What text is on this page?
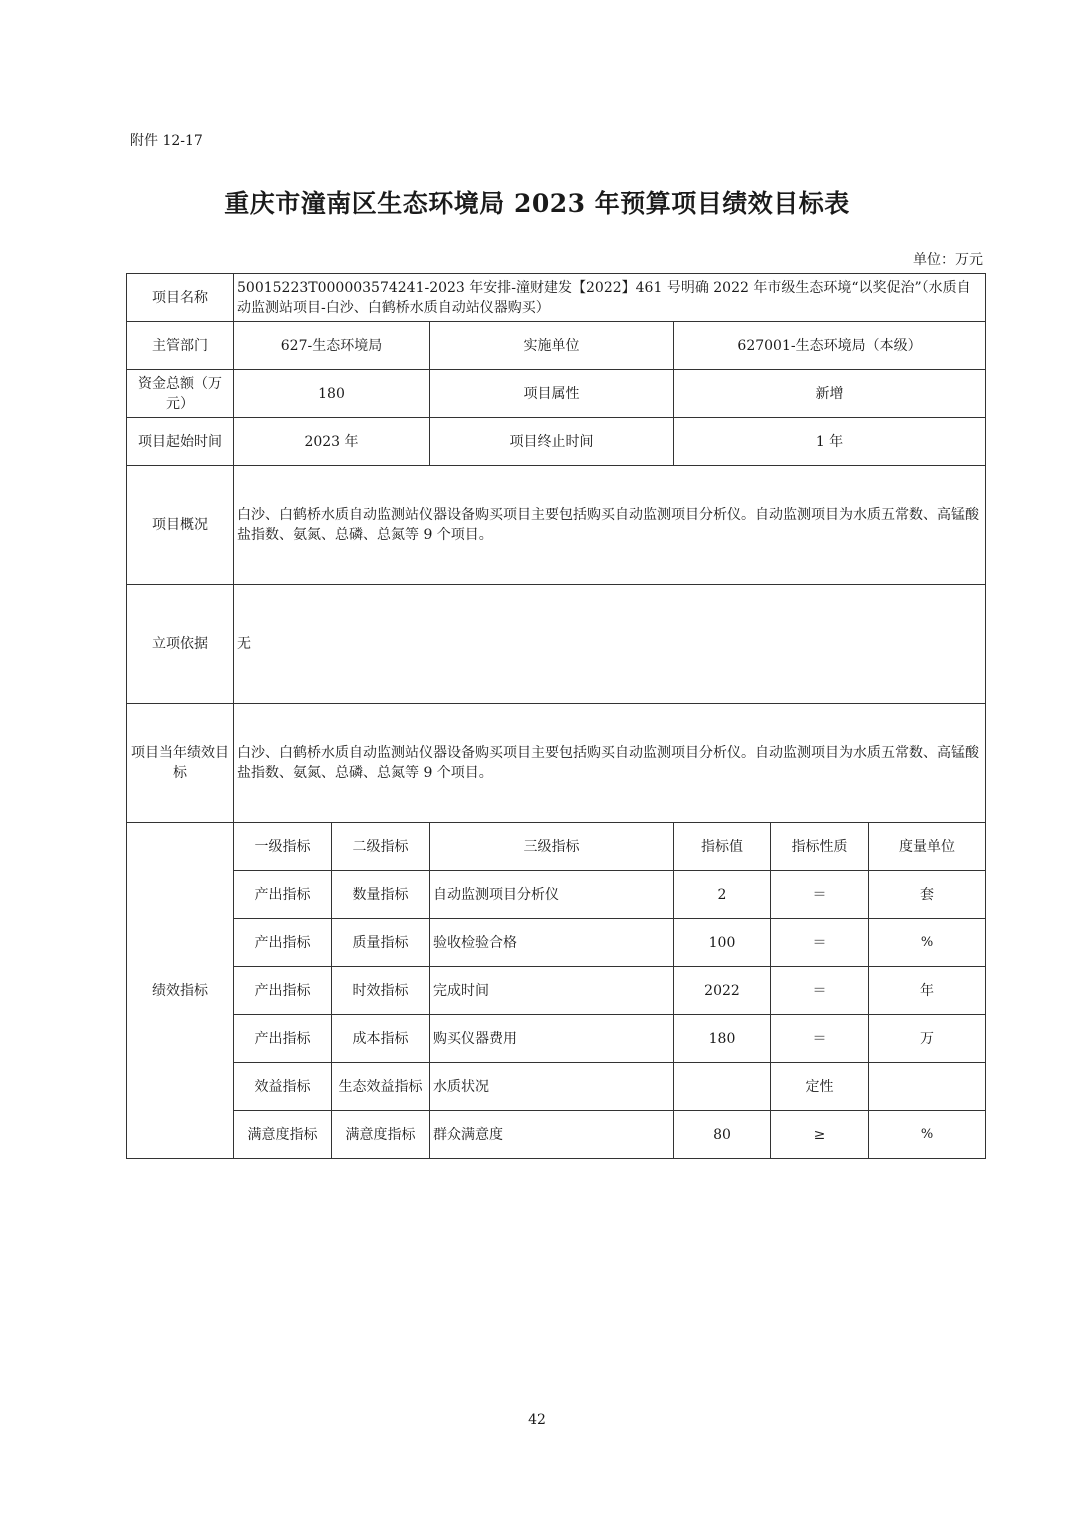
附件 12-17
重庆市潼南区生态环境局 2023 年预算项目绩效目标表
单位：万元
项目名称	50015223T000003574241-2023 年安排-潼财建发【2022】461 号明确 2022 年市级生态环境“以奖促治”（水质自动监测站项目-白沙、白鹤桥水质自动站仪器购买）						
主管部门	627-生态环境局		实施单位	627001-生态环境局（本级）			
资金总额（万元）	180		项目属性	新增			
项目起始时间	2023 年		项目终止时间	1 年			
项目概况	白沙、白鹤桥水质自动监测站仪器设备购买项目主要包括购买自动监测项目分析仪。自动监测项目为水质五常数、高锰酸盐指数、氨氮、总磷、总氮等 9 个项目。						
立项依据	无						
项目当年绩效目标	白沙、白鹤桥水质自动监测站仪器设备购买项目主要包括购买自动监测项目分析仪。自动监测项目为水质五常数、高锰酸盐指数、氨氮、总磷、总氮等 9 个项目。						
绩效指标	一级指标	二级指标	三级指标	指标值	指标性质	度量单位	
	产出指标	数量指标	自动监测项目分析仪	2	＝	套	
	产出指标	质量指标	验收检验合格	100	＝	%	
	产出指标	时效指标	完成时间	2022	＝	年	
	产出指标	成本指标	购买仪器费用	180	＝	万	
	效益指标	生态效益指标	水质状况		定性		
	满意度指标	满意度指标	群众满意度	80	≥	%	
42
